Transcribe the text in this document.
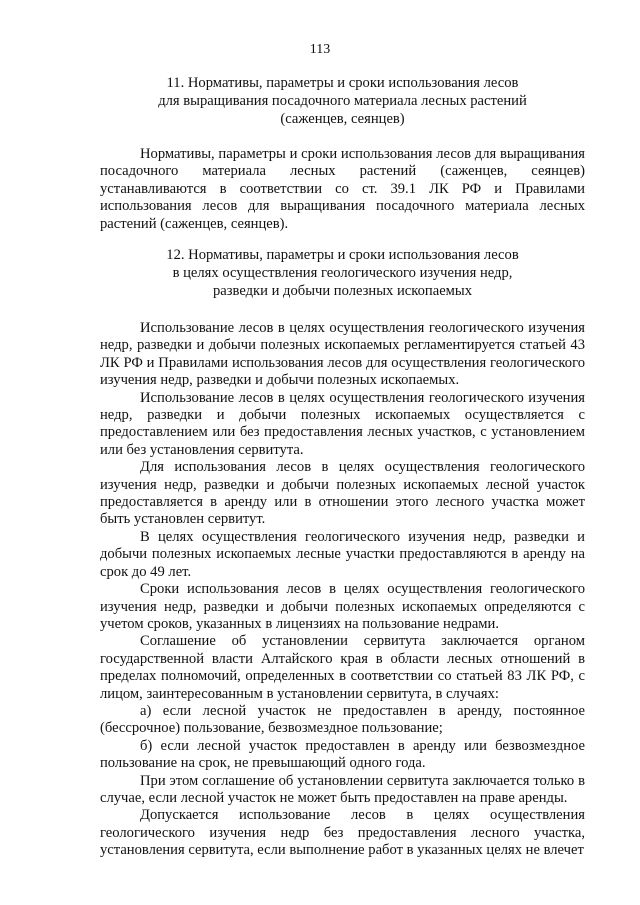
113
11. Нормативы, параметры и сроки использования лесов
для выращивания посадочного материала лесных растений
(саженцев, сеянцев)

Нормативы, параметры и сроки использования лесов для выращивания посадочного материала лесных растений (саженцев, сеянцев) устанавливаются в соответствии со ст. 39.1 ЛК РФ и Правилами использования лесов для выращивания посадочного материала лесных растений (саженцев, сеянцев).

12. Нормативы, параметры и сроки использования лесов
в целях осуществления геологического изучения недр,
разведки и добычи полезных ископаемых

Использование лесов в целях осуществления геологического изучения недр, разведки и добычи полезных ископаемых регламентируется статьей 43 ЛК РФ и Правилами использования лесов для осуществления геологического изучения недр, разведки и добычи полезных ископаемых.

Использование лесов в целях осуществления геологического изучения недр, разведки и добычи полезных ископаемых осуществляется с предоставлением или без предоставления лесных участков, с установлением или без установления сервитута.

Для использования лесов в целях осуществления геологического изучения недр, разведки и добычи полезных ископаемых лесной участок предоставляется в аренду или в отношении этого лесного участка может быть установлен сервитут.

В целях осуществления геологического изучения недр, разведки и добычи полезных ископаемых лесные участки предоставляются в аренду на срок до 49 лет.

Сроки использования лесов в целях осуществления геологического изучения недр, разведки и добычи полезных ископаемых определяются с учетом сроков, указанных в лицензиях на пользование недрами.

Соглашение об установлении сервитута заключается органом государственной власти Алтайского края в области лесных отношений в пределах полномочий, определенных в соответствии со статьей 83 ЛК РФ, с лицом, заинтересованным в установлении сервитута, в случаях:

а) если лесной участок не предоставлен в аренду, постоянное (бессрочное) пользование, безвозмездное пользование;

б) если лесной участок предоставлен в аренду или безвозмездное пользование на срок, не превышающий одного года.

При этом соглашение об установлении сервитута заключается только в случае, если лесной участок не может быть предоставлен на праве аренды.

Допускается использование лесов в целях осуществления геологического изучения недр без предоставления лесного участка, установления сервитута, если выполнение работ в указанных целях не влечет
